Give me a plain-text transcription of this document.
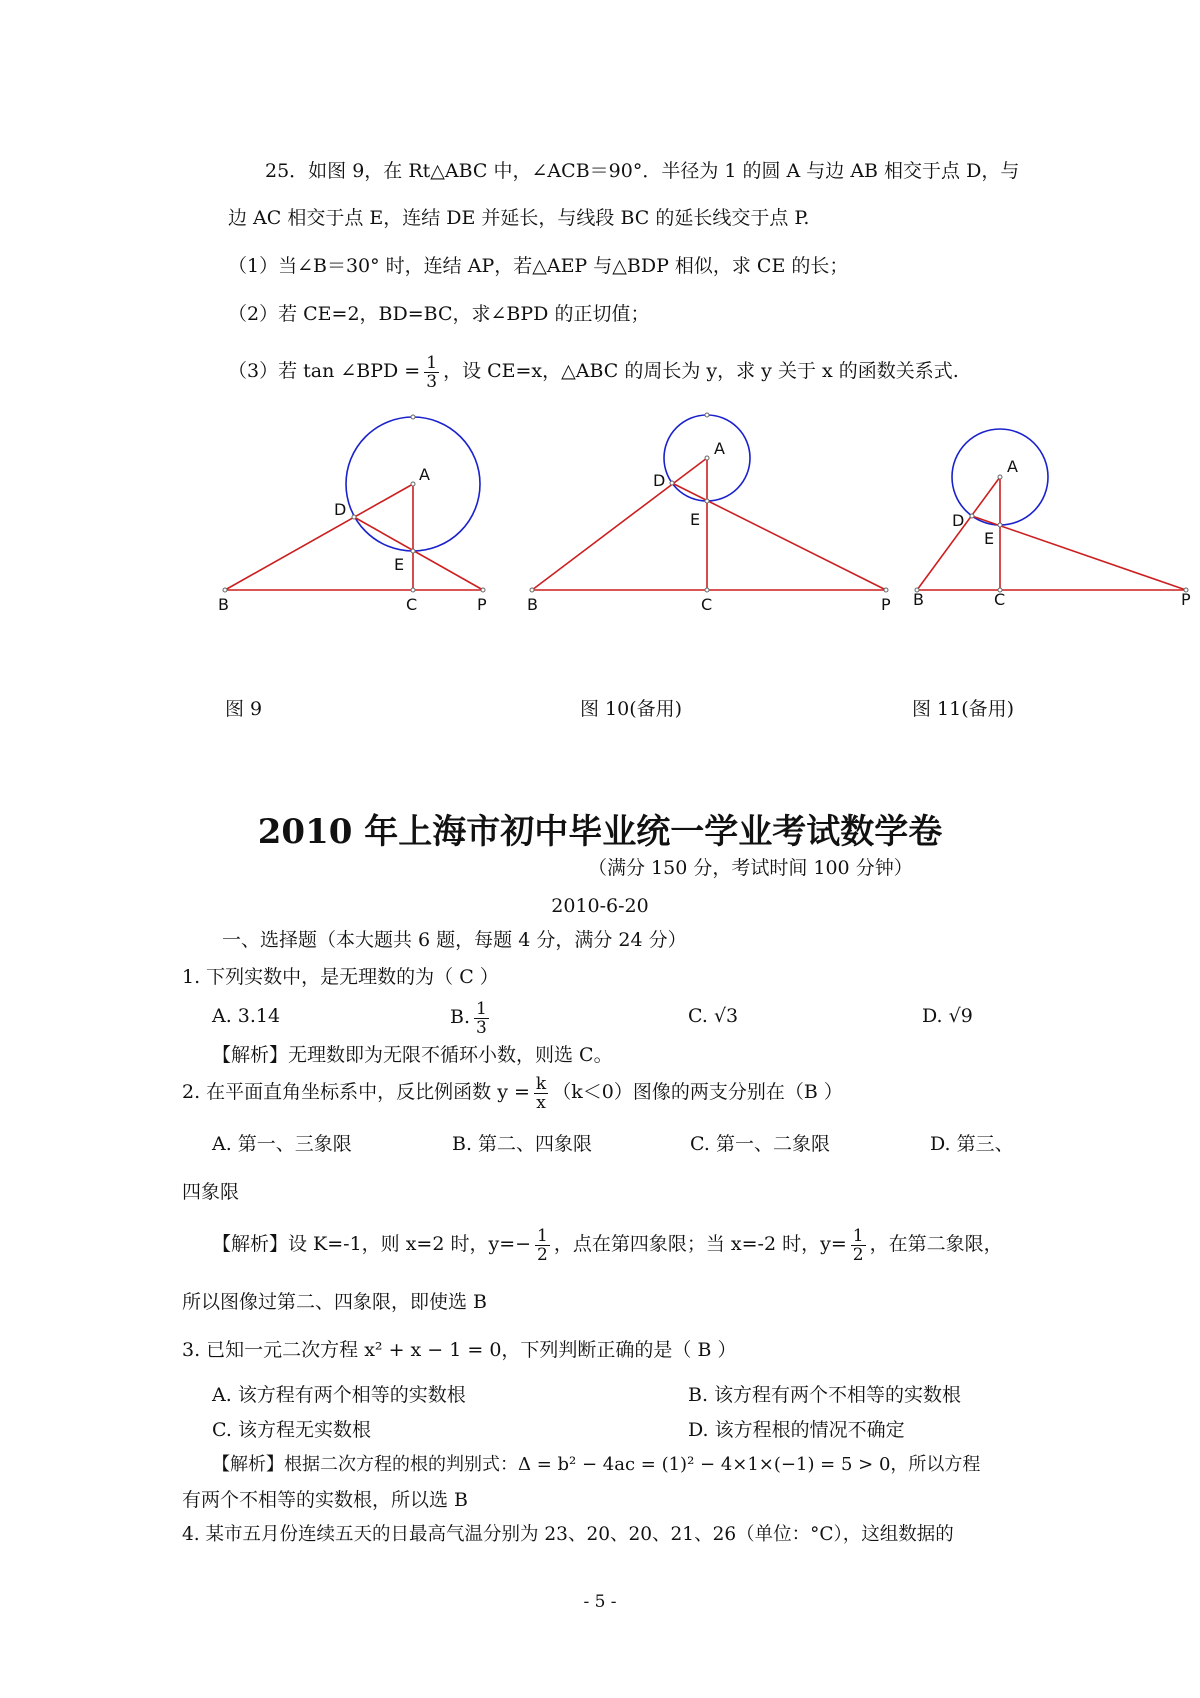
25．如图 9，在 Rt△ABC 中，∠ACB＝90°．半径为 1 的圆 A 与边 AB 相交于点 D，与
边 AC 相交于点 E，连结 DE 并延长，与线段 BC 的延长线交于点 P.
（1）当∠B＝30° 时，连结 AP，若△AEP 与△BDP 相似，求 CE 的长；
（2）若 CE=2，BD=BC，求∠BPD 的正切值；
（3）若 tan ∠BPD = $\frac{1}{3}$ ，设 CE=x，△ABC 的周长为 y，求 y 关于 x 的函数关系式.
A
D
E
B	C	P
A
D
E
B	C	P
A
D
E
B	C	P
图 9	图 10(备用)	图 11(备用)
2010 年上海市初中毕业统一学业考试数学卷
（满分 150 分，考试时间 100 分钟）
2010-6-20
一、选择题（本大题共 6 题，每题 4 分，满分 24 分）
1. 下列实数中，是无理数的为（ C ）
A. 3.14	B. $\frac{1}{3}$	C. √3	D. √9
【解析】无理数即为无限不循环小数，则选 C。
2. 在平面直角坐标系中，反比例函数 $y = \frac{k}{x} (k<0)$图像的两支分别在（B ）
A. 第一、三象限	B. 第二、四象限	C. 第一、二象限	D. 第三、
四象限
【解析】设 K=-1，则 x=2 时，$y=- \frac{1}{2}$ ，点在第四象限；当 x=-2 时，$y= \frac{1}{2}$ ，在第二象限，
所以图像过第二、四象限，即使选 B
3. 已知一元二次方程 x² + x − 1 = 0，下列判断正确的是（ B ）
A. 该方程有两个相等的实数根	B. 该方程有两个不相等的实数根
C. 该方程无实数根	D. 该方程根的情况不确定
【解析】根据二次方程的根的判别式：Δ = b² − 4ac = (1)² − 4×1×(−1) = 5 > 0，所以方程
有两个不相等的实数根，所以选 B
4. 某市五月份连续五天的日最高气温分别为 23、20、20、21、26（单位：°C），这组数据的
- 5 -
